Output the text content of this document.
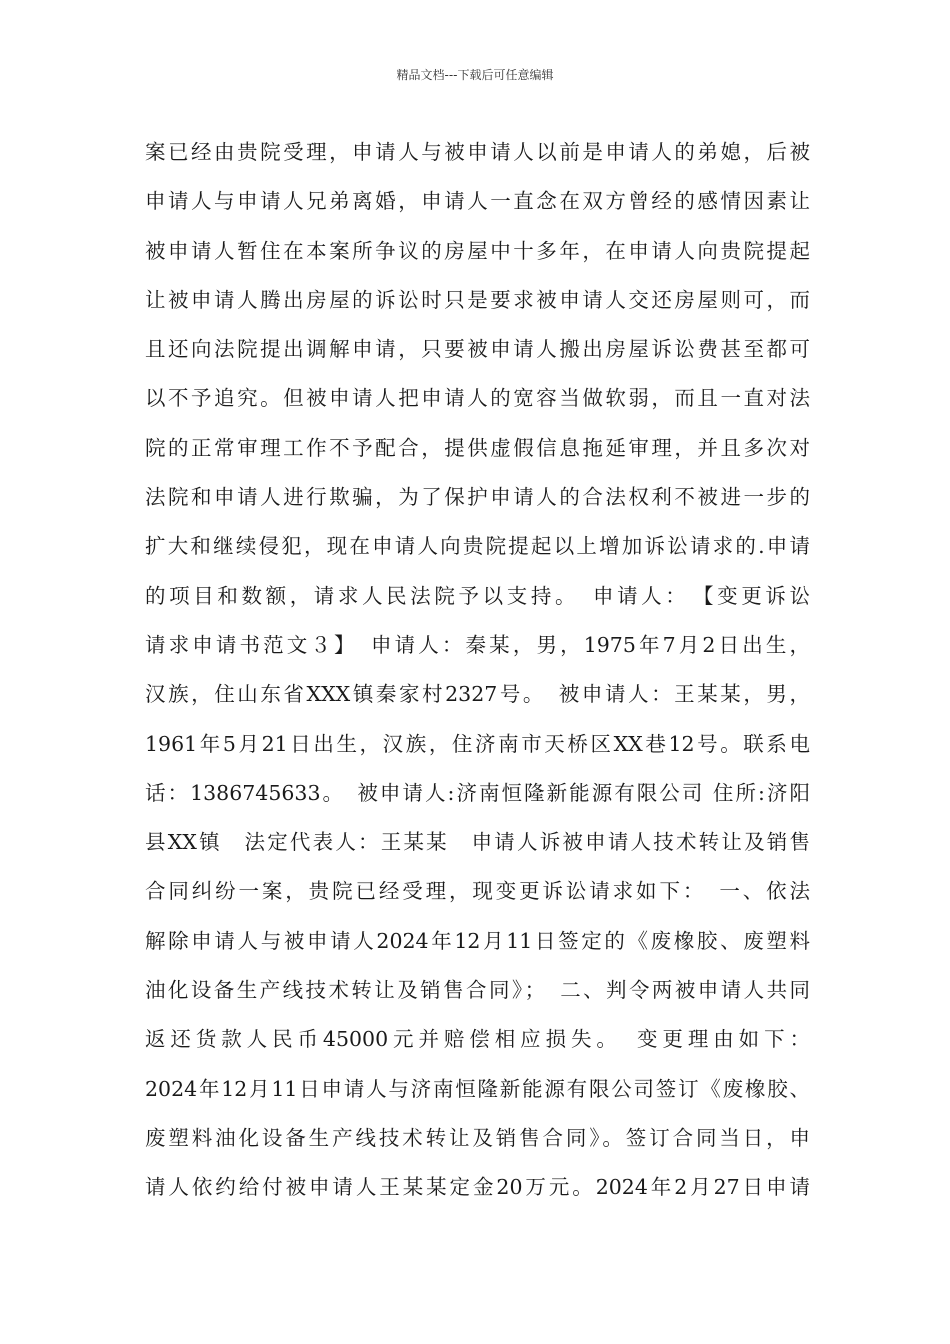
精品文档---下载后可任意编辑
案已经由贵院受理，申请人与被申请人以前是申请人的弟媳，后被
申请人与申请人兄弟离婚，申请人一直念在双方曾经的感情因素让
被申请人暂住在本案所争议的房屋中十多年，在申请人向贵院提起
让被申请人腾出房屋的诉讼时只是要求被申请人交还房屋则可，而
且还向法院提出调解申请，只要被申请人搬出房屋诉讼费甚至都可
以不予追究。但被申请人把申请人的宽容当做软弱，而且一直对法
院的正常审理工作不予配合，提供虚假信息拖延审理，并且多次对
法院和申请人进行欺骗，为了保护申请人的合法权利不被进一步的
扩大和继续侵犯，现在申请人向贵院提起以上增加诉讼请求的.申请
的项目和数额，请求人民法院予以支持。　申请人：　【变更诉讼
请求申请书范文３】　申请人：秦某，男，1975年7月2日出生，
汉族，住山东省XXX镇秦家村2327号。　被申请人：王某某，男，
1961年5月21日出生，汉族，住济南市天桥区XX巷12号。联系电
话：1386745633。　被申请人:济南恒隆新能源有限公司 住所:济阳
县XX镇　法定代表人：王某某　申请人诉被申请人技术转让及销售
合同纠纷一案，贵院已经受理，现变更诉讼请求如下：　一、依法
解除申请人与被申请人2024年12月11日签定的《废橡胶、废塑料
油化设备生产线技术转让及销售合同》；　二、判令两被申请人共同
返还货款人民币45000元并赔偿相应损失。　变更理由如下：
2024年12月11日申请人与济南恒隆新能源有限公司签订《废橡胶、
废塑料油化设备生产线技术转让及销售合同》。签订合同当日，申
请人依约给付被申请人王某某定金20万元。2024年2月27日申请
